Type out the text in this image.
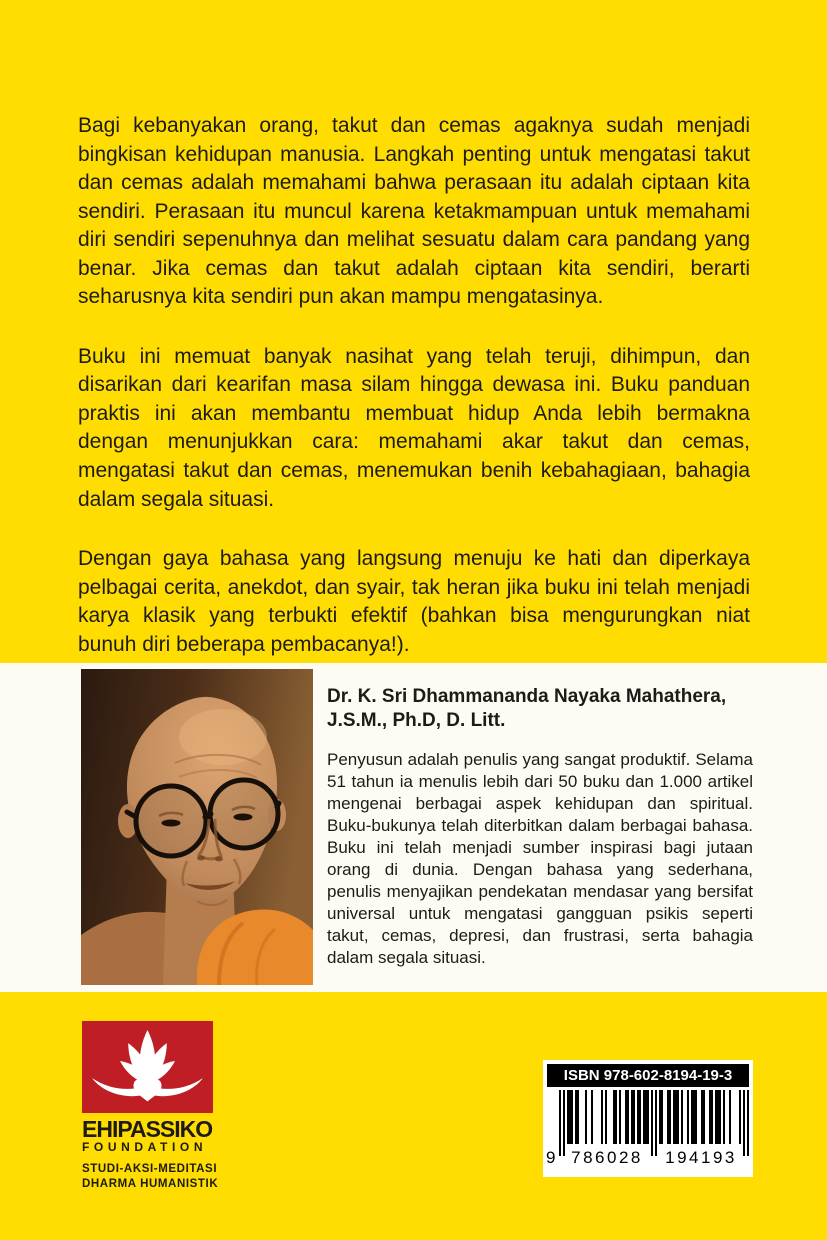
Bagi kebanyakan orang, takut dan cemas agaknya sudah menjadi bingkisan kehidupan manusia. Langkah penting untuk mengatasi takut dan cemas adalah memahami bahwa perasaan itu adalah ciptaan kita sendiri. Perasaan itu muncul karena ketakmampuan untuk memahami diri sendiri sepenuhnya dan melihat sesuatu dalam cara pandang yang benar. Jika cemas dan takut adalah ciptaan kita sendiri, berarti seharusnya kita sendiri pun akan mampu mengatasinya.

Buku ini memuat banyak nasihat yang telah teruji, dihimpun, dan disarikan dari kearifan masa silam hingga dewasa ini. Buku panduan praktis ini akan membantu membuat hidup Anda lebih bermakna dengan menunjukkan cara: memahami akar takut dan cemas, mengatasi takut dan cemas, menemukan benih kebahagiaan, bahagia dalam segala situasi.

Dengan gaya bahasa yang langsung menuju ke hati dan diperkaya pelbagai cerita, anekdot, dan syair, tak heran jika buku ini telah menjadi karya klasik yang terbukti efektif (bahkan bisa mengurungkan niat bunuh diri beberapa pembacanya!).

Dr. K. Sri Dhammananda Nayaka Mahathera,
J.S.M., Ph.D, D. Litt.

Penyusun adalah penulis yang sangat produktif. Selama 51 tahun ia menulis lebih dari 50 buku dan 1.000 artikel mengenai berbagai aspek kehidupan dan spiritual. Buku-bukunya telah diterbitkan dalam berbagai bahasa. Buku ini telah menjadi sumber inspirasi bagi jutaan orang di dunia. Dengan bahasa yang sederhana, penulis menyajikan pendekatan mendasar yang bersifat universal untuk mengatasi gangguan psikis seperti takut, cemas, depresi, dan frustrasi, serta bahagia dalam segala situasi.

EHIPASSIKO
FOUNDATION
STUDI-AKSI-MEDITASI
DHARMA HUMANISTIK
ISBN 978-602-8194-19-3
9 786028 194193
